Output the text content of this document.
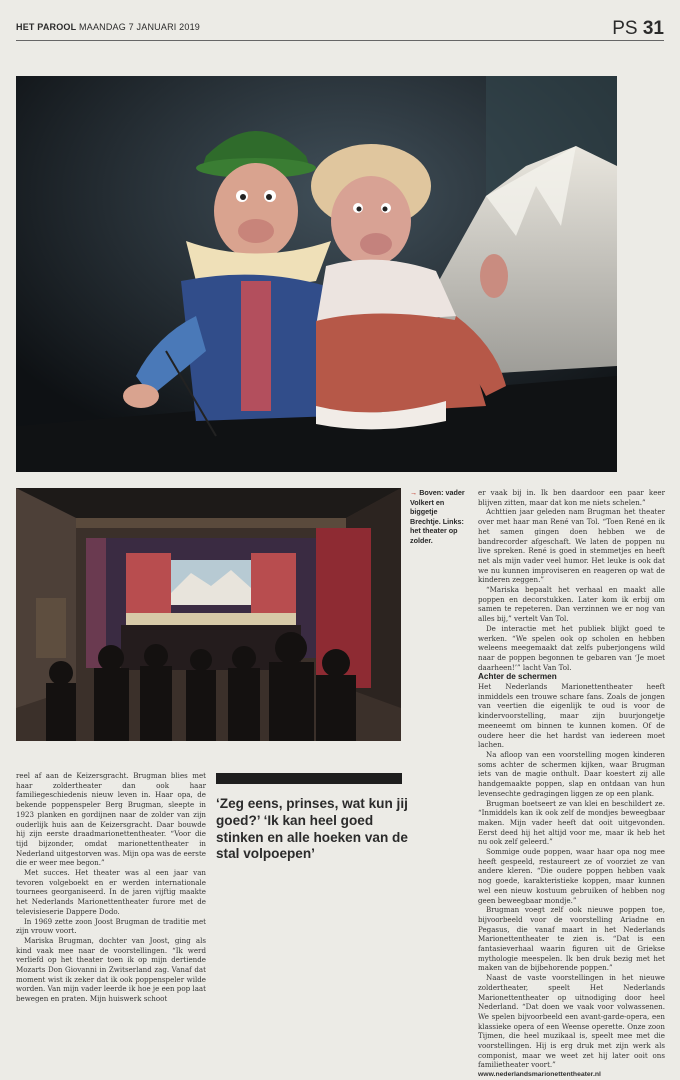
HET PAROOL MAANDAG 7 JANUARI 2019	PS 31
→ Boven: vader Volkert en biggetje Brechtje. Links: het theater op zolder.

er vaak bij in. Ik ben daardoor een paar keer blijven zitten, maar dat kon me niets schelen.”

Achttien jaar geleden nam Brugman het theater over met haar man René van Tol. “Toen René en ik het samen gingen doen hebben we de bandrecorder afgeschaft. We laten de poppen nu live spreken. René is goed in stemmetjes en heeft net als mijn vader veel humor. Het leuke is ook dat we nu kunnen improviseren en reageren op wat de kinderen zeggen.”

“Mariska bepaalt het verhaal en maakt alle poppen en decorstukken. Later kom ik erbij om samen te repeteren. Dan verzinnen we er nog van alles bij,” vertelt Van Tol.

De interactie met het publiek blijkt goed te werken. “We spelen ook op scholen en hebben weleens meegemaakt dat zelfs puberjongens wild naar de poppen begonnen te gebaren van ‘Je moet daarheen!’” lacht Van Tol.

Achter de schermen

Het Nederlands Marionettentheater heeft inmiddels een trouwe schare fans. Zoals de jongen van veertien die eigenlijk te oud is voor de kindervoorstelling, maar zijn buurjongetje meeneemt om binnen te kunnen komen. Of de oudere heer die het hardst van iedereen moet lachen.

Na afloop van een voorstelling mogen kinderen soms achter de schermen kijken, waar Brugman iets van de magie onthult. Daar koestert zij alle handgemaakte poppen, slap en ontdaan van hun levensechte gedragingen liggen ze op een plank.

Brugman boetseert ze van klei en beschildert ze. “Inmiddels kan ik ook zelf de mondjes beweegbaar maken. Mijn vader heeft dat ooit uitgevonden. Eerst deed hij het altijd voor me, maar ik heb het nu ook zelf geleerd.”

Sommige oude poppen, waar haar opa nog mee heeft gespeeld, restaureert ze of voorziet ze van andere kleren. “Die oudere poppen hebben vaak nog goede, karakteristieke koppen, maar kunnen wel een nieuw kostuum gebruiken of hebben nog geen beweegbaar mondje.”

Brugman voegt zelf ook nieuwe poppen toe, bijvoorbeeld voor de voorstelling Ariadne en Pegasus, die vanaf maart in het Nederlands Marionettentheater te zien is. “Dat is een fantasieverhaal waarin figuren uit de Griekse mythologie meespelen. Ik ben druk bezig met het maken van de bijbehorende poppen.”

Naast de vaste voorstellingen in het nieuwe zoldertheater, speelt Het Nederlands Marionettentheater op uitnodiging door heel Nederland. “Dat doen we vaak voor volwassenen. We spelen bijvoorbeeld een avant-garde-opera, een klassieke opera of een Weense operette. Onze zoon Tijmen, die heel muzikaal is, speelt mee met die voorstellingen. Hij is erg druk met zijn werk als componist, maar we weet zet hij later ooit ons familietheater voort.”

www.nederlandsmarionettentheater.nl

reel af aan de Keizersgracht. Brugman blies met haar zoldertheater dan ook haar familiegeschiedenis nieuw leven in. Haar opa, de bekende poppenspeler Berg Brugman, sleepte in 1923 planken en gordijnen naar de zolder van zijn ouderlijk huis aan de Keizersgracht. Daar bouwde hij zijn eerste draadmarionettentheater. “Voor die tijd bijzonder, omdat marionettentheater in Nederland uitgestorven was. Mijn opa was de eerste die er weer mee begon.”

Met succes. Het theater was al een jaar van tevoren volgeboekt en er werden internationale tournees georganiseerd. In de jaren vijftig maakte het Nederlands Marionettentheater furore met de televisieserie Dappere Dodo.

In 1969 zette zoon Joost Brugman de traditie met zijn vrouw voort.

Mariska Brugman, dochter van Joost, ging als kind vaak mee naar de voorstellingen. “Ik werd verliefd op het theater toen ik op mijn dertiende Mozarts Don Giovanni in Zwitserland zag. Vanaf dat moment wist ik zeker dat ik ook poppenspeler wilde worden. Van mijn vader leerde ik hoe je een pop laat bewegen en praten. Mijn huiswerk schoot

‘Zeg eens, prinses, wat kun jij goed?’ ‘Ik kan heel goed stinken en alle hoeken van de stal volpoepen’
